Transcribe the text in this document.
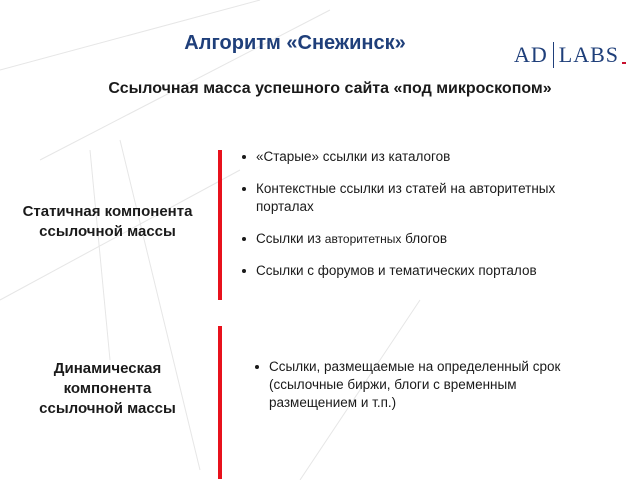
Алгоритм «Снежинск»	AD LABS
Ссылочная масса успешного сайта «под микроскопом»
Статичная компонента
ссылочной массы
«Старые» ссылки из каталогов
Контекстные ссылки из статей на авторитетных
порталах
Ссылки из авторитетных блогов
Ссылки с форумов и тематических порталов
Динамическая
компонента
ссылочной массы
Ссылки, размещаемые на определенный срок
(ссылочные биржи, блоги с временным
размещением и т.п.)
